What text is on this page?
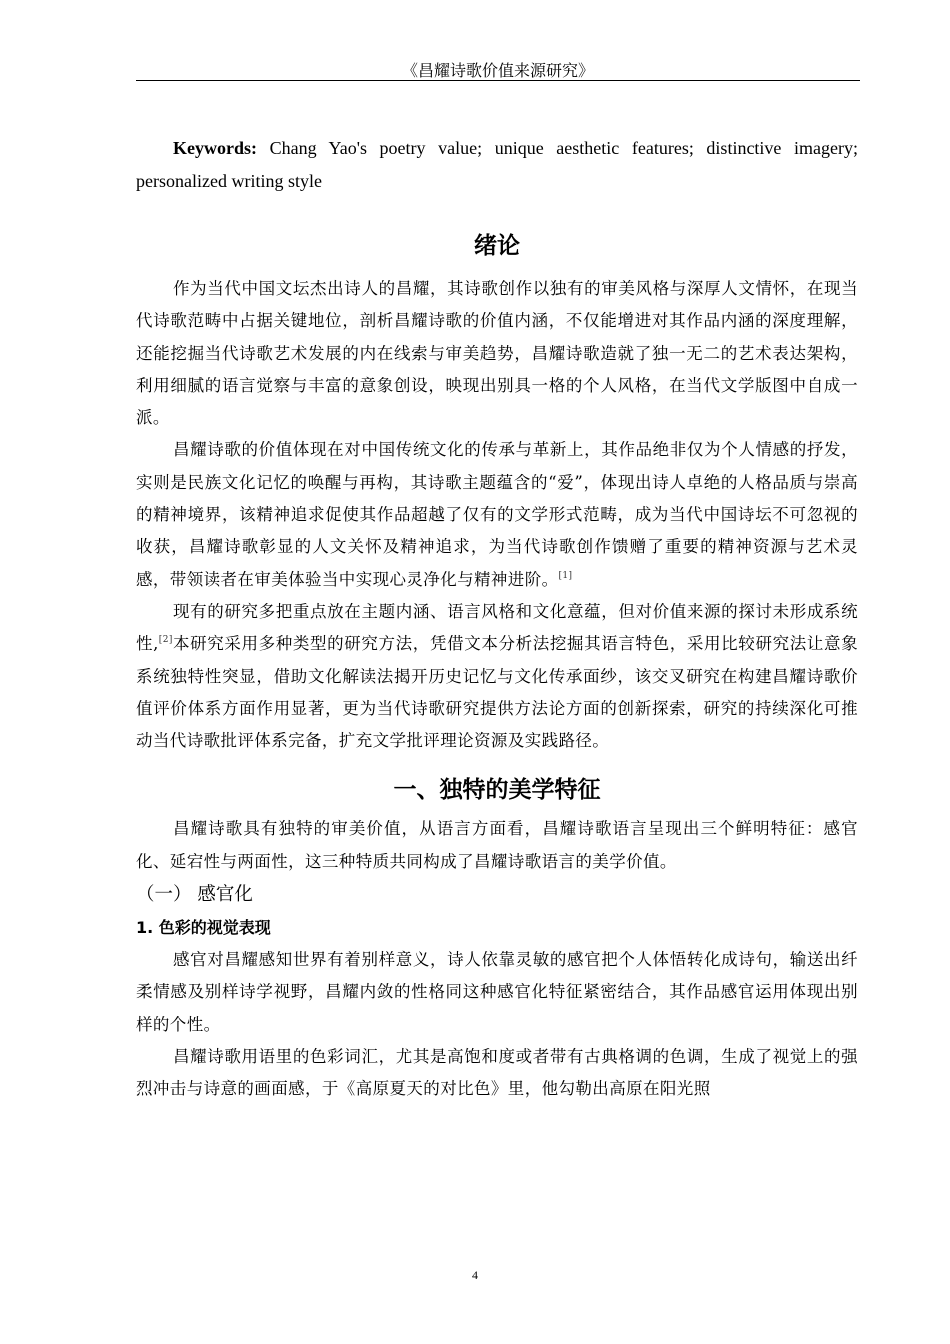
《昌耀诗歌价值来源研究》

Keywords: Chang Yao's poetry value; unique aesthetic features; distinctive imagery; personalized writing style

绪论

作为当代中国文坛杰出诗人的昌耀，其诗歌创作以独有的审美风格与深厚人文情怀，在现当代诗歌范畴中占据关键地位，剖析昌耀诗歌的价值内涵，不仅能增进对其作品内涵的深度理解，还能挖掘当代诗歌艺术发展的内在线索与审美趋势，昌耀诗歌造就了独一无二的艺术表达架构，利用细腻的语言觉察与丰富的意象创设，映现出别具一格的个人风格，在当代文学版图中自成一派。

昌耀诗歌的价值体现在对中国传统文化的传承与革新上，其作品绝非仅为个人情感的抒发，实则是民族文化记忆的唤醒与再构，其诗歌主题蕴含的“爱”，体现出诗人卓绝的人格品质与崇高的精神境界，该精神追求促使其作品超越了仅有的文学形式范畴，成为当代中国诗坛不可忽视的收获，昌耀诗歌彰显的人文关怀及精神追求，为当代诗歌创作馈赠了重要的精神资源与艺术灵感，带领读者在审美体验当中实现心灵净化与精神进阶。[1]

现有的研究多把重点放在主题内涵、语言风格和文化意蕴，但对价值来源的探讨未形成系统性,[2]本研究采用多种类型的研究方法，凭借文本分析法挖掘其语言特色，采用比较研究法让意象系统独特性突显，借助文化解读法揭开历史记忆与文化传承面纱，该交叉研究在构建昌耀诗歌价值评价体系方面作用显著，更为当代诗歌研究提供方法论方面的创新探索，研究的持续深化可推动当代诗歌批评体系完备，扩充文学批评理论资源及实践路径。

一、独特的美学特征

昌耀诗歌具有独特的审美价值，从语言方面看，昌耀诗歌语言呈现出三个鲜明特征：感官化、延宕性与两面性，这三种特质共同构成了昌耀诗歌语言的美学价值。

（一） 感官化
1. 色彩的视觉表现

感官对昌耀感知世界有着别样意义，诗人依靠灵敏的感官把个人体悟转化成诗句，输送出纤柔情感及别样诗学视野，昌耀内敛的性格同这种感官化特征紧密结合，其作品感官运用体现出别样的个性。

昌耀诗歌用语里的色彩词汇，尤其是高饱和度或者带有古典格调的色调，生成了视觉上的强烈冲击与诗意的画面感，于《高原夏天的对比色》里，他勾勒出高原在阳光照

4
